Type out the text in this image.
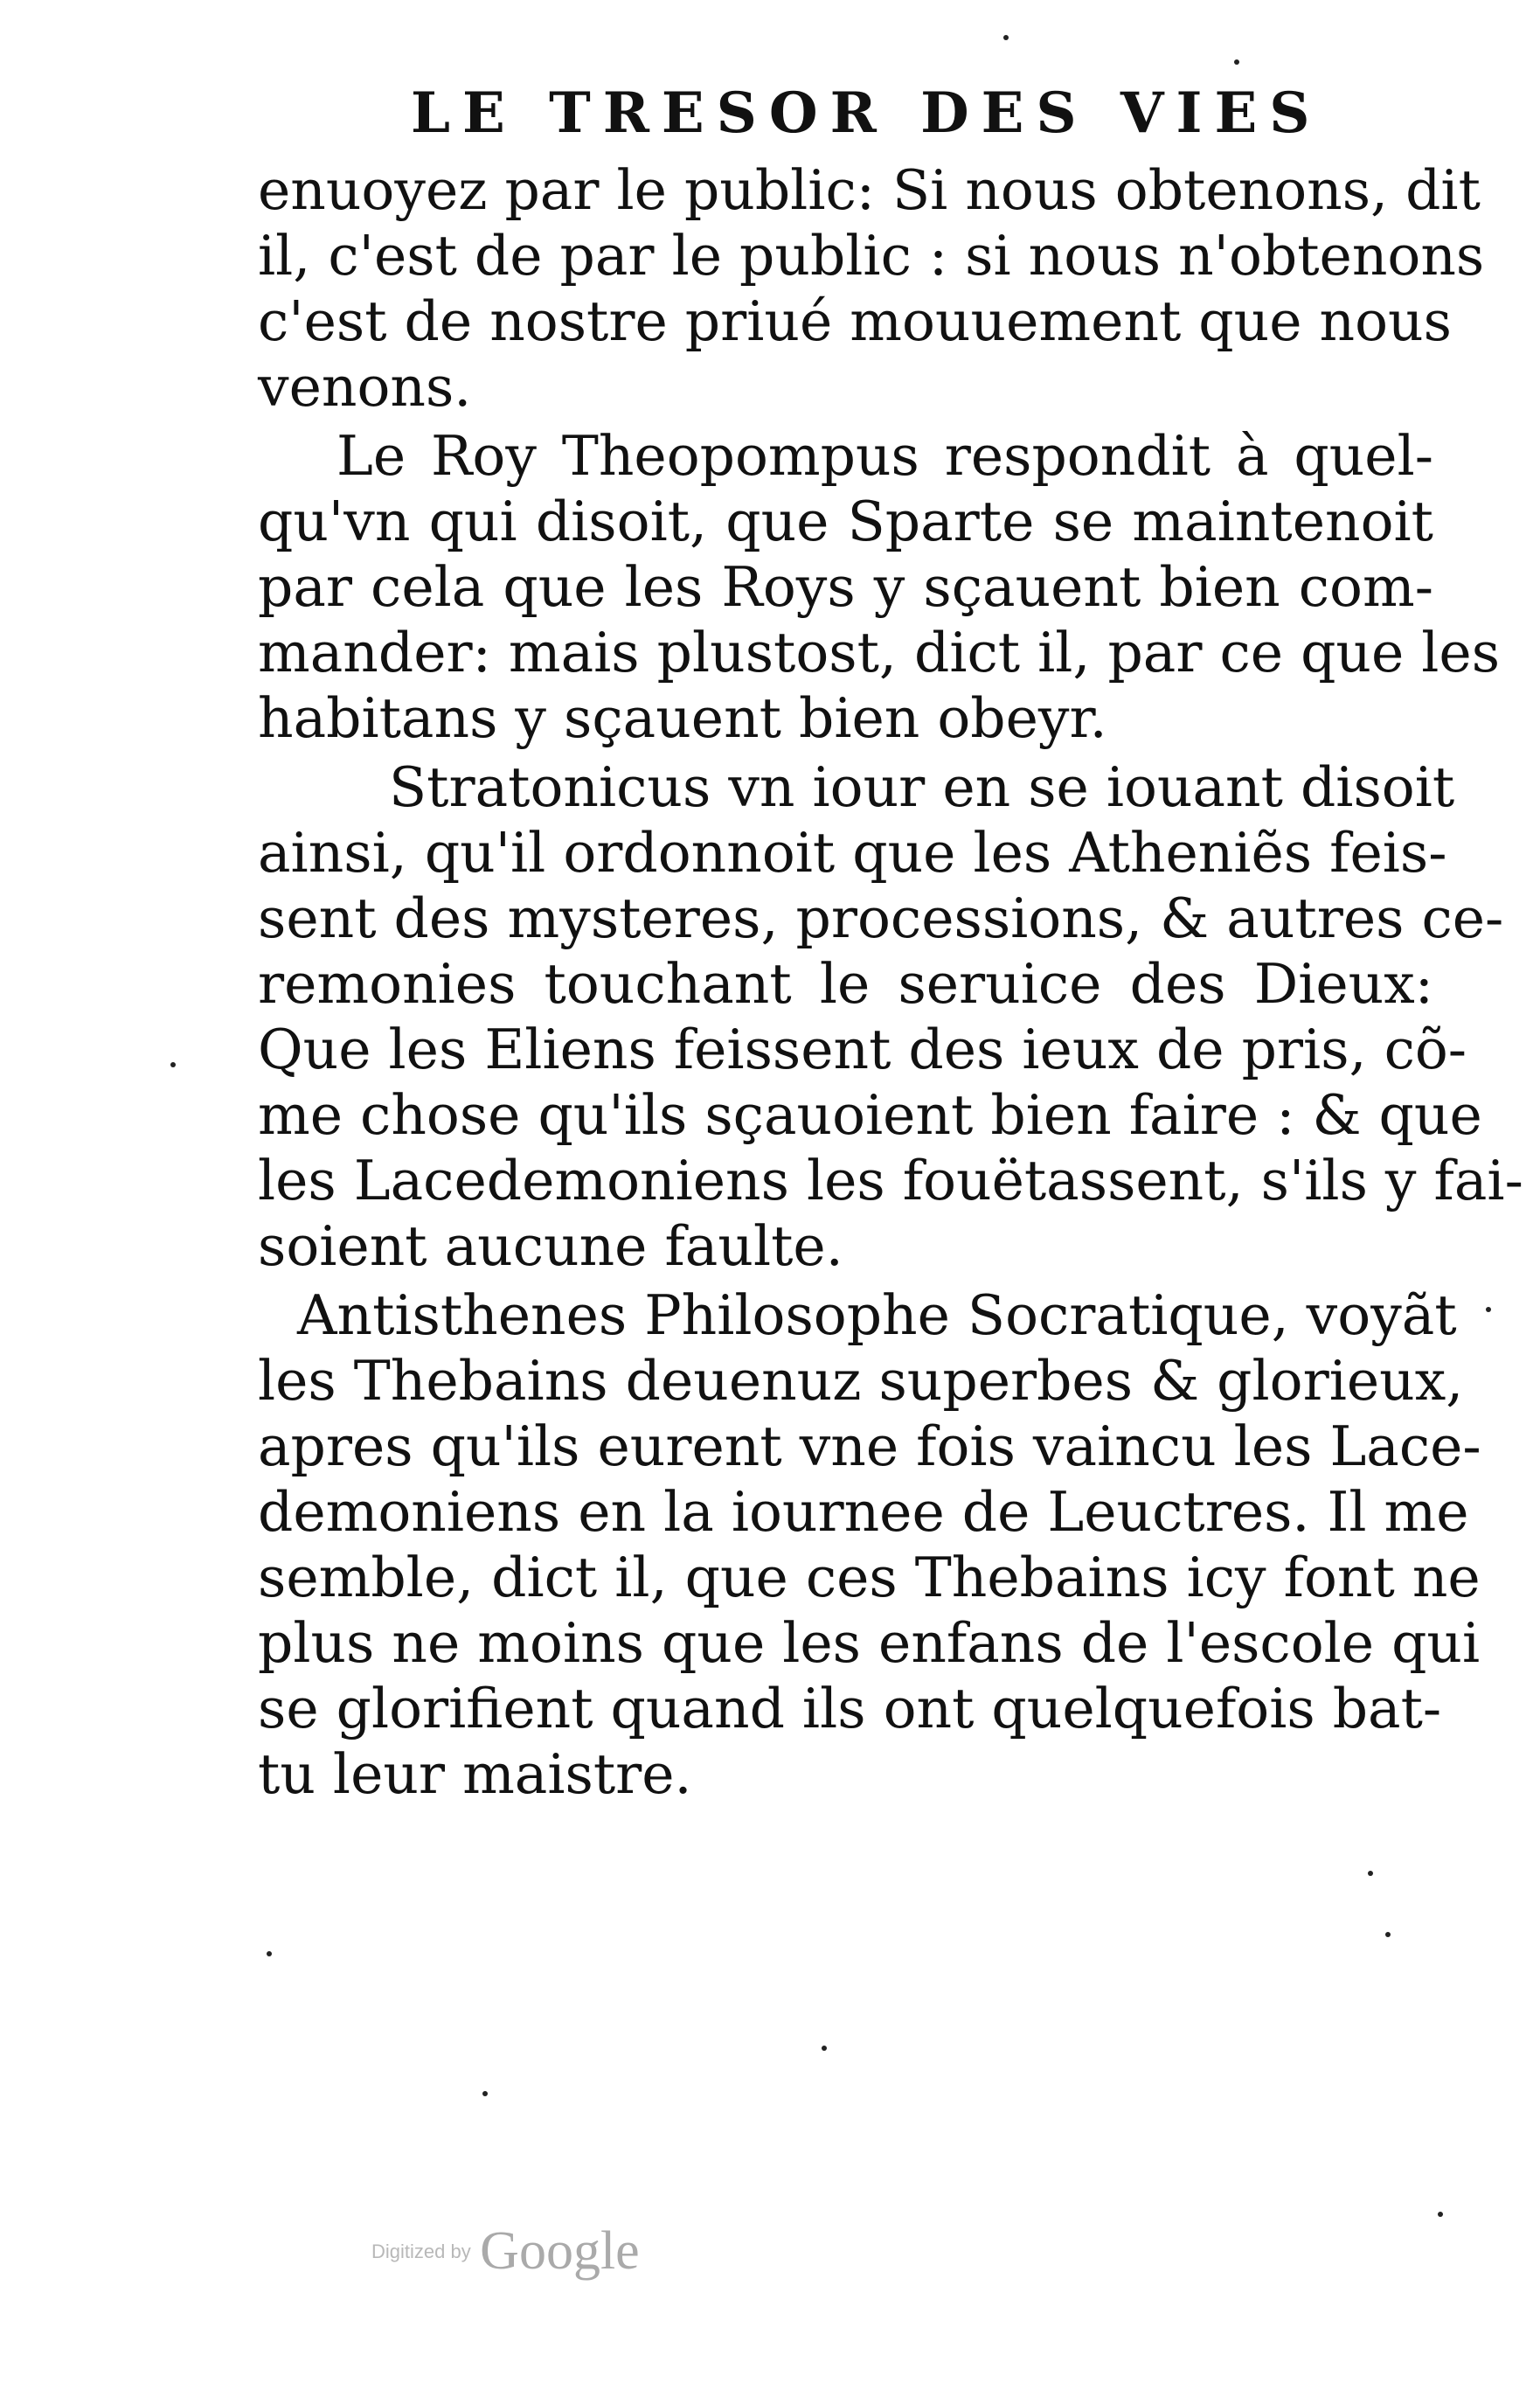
LE TRESOR DES VIES
enuoyez par le public: Si nous obtenons, dit
il, c'est de par le public : si nous n'obtenons
c'est de nostre priué mouuement que nous
venons.
Le Roy Theopompus respondit à quel-
qu'vn qui disoit, que Sparte se maintenoit
par cela que les Roys y sçauent bien com-
mander: mais plustost, dict il, par ce que les
habitans y sçauent bien obeyr.
Stratonicus vn iour en se iouant disoit
ainsi, qu'il ordonnoit que les Atheniẽs feis-
sent des mysteres, processions, & autres ce-
remonies touchant le seruice des Dieux:
Que les Eliens feissent des ieux de pris, cõ-
me chose qu'ils sçauoient bien faire : & que
les Lacedemoniens les fouëtassent, s'ils y fai-
soient aucune faulte.
Antisthenes Philosophe Socratique, voyãt
les Thebains deuenuz superbes & glorieux,
apres qu'ils eurent vne fois vaincu les Lace-
demoniens en la iournee de Leuctres. Il me
semble, dict il, que ces Thebains icy font ne
plus ne moins que les enfans de l'escole qui
se glorifient quand ils ont quelquefois bat-
tu leur maistre.
Digitized by Google
